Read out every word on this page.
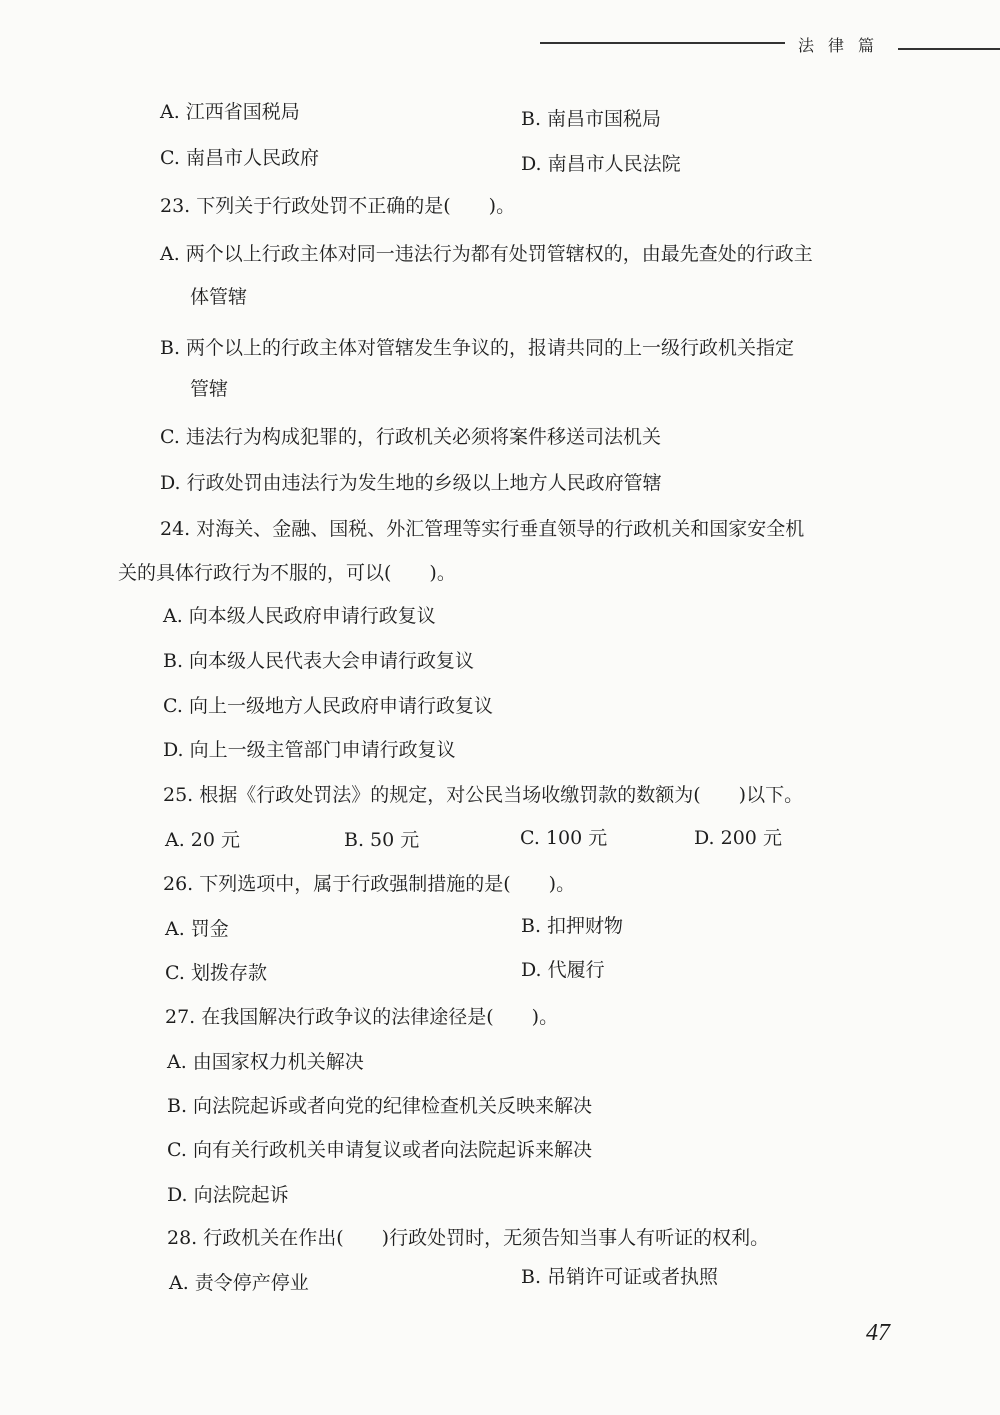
法律篇
A. 江西省国税局	B. 南昌市国税局
C. 南昌市人民政府	D. 南昌市人民法院
23. 下列关于行政处罚不正确的是(　　)。
A. 两个以上行政主体对同一违法行为都有处罚管辖权的，由最先查处的行政主
体管辖
B. 两个以上的行政主体对管辖发生争议的，报请共同的上一级行政机关指定
管辖
C. 违法行为构成犯罪的，行政机关必须将案件移送司法机关
D. 行政处罚由违法行为发生地的乡级以上地方人民政府管辖
24. 对海关、金融、国税、外汇管理等实行垂直领导的行政机关和国家安全机
关的具体行政行为不服的，可以(　　)。
A. 向本级人民政府申请行政复议
B. 向本级人民代表大会申请行政复议
C. 向上一级地方人民政府申请行政复议
D. 向上一级主管部门申请行政复议
25. 根据《行政处罚法》的规定，对公民当场收缴罚款的数额为(　　)以下。
A. 20 元	B. 50 元	C. 100 元	D. 200 元
26. 下列选项中，属于行政强制措施的是(　　)。
A. 罚金	B. 扣押财物
C. 划拨存款	D. 代履行
27. 在我国解决行政争议的法律途径是(　　)。
A. 由国家权力机关解决
B. 向法院起诉或者向党的纪律检查机关反映来解决
C. 向有关行政机关申请复议或者向法院起诉来解决
D. 向法院起诉
28. 行政机关在作出(　　)行政处罚时，无须告知当事人有听证的权利。
A. 责令停产停业	B. 吊销许可证或者执照
47
